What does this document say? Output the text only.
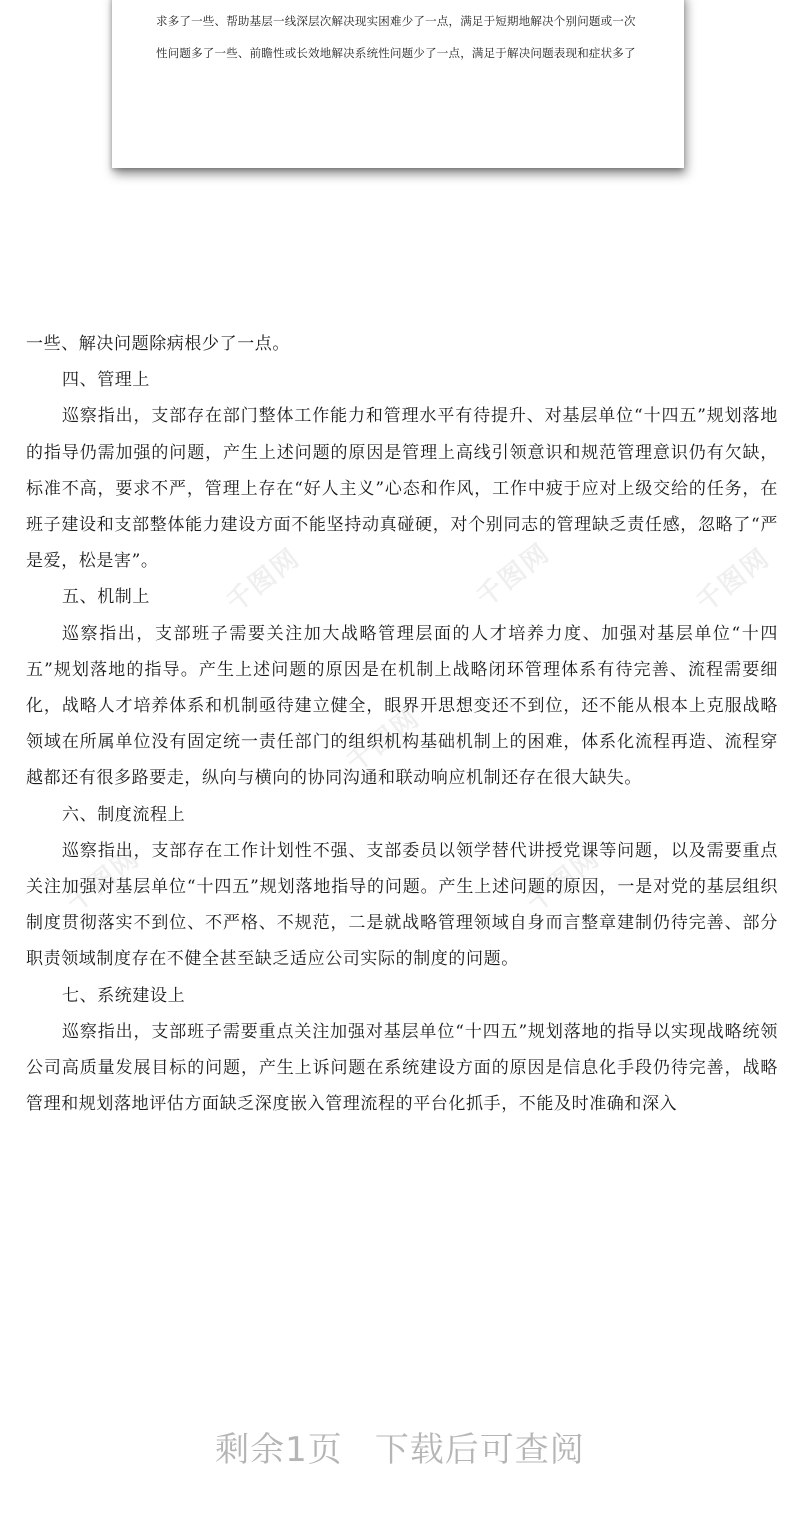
求多了一些、帮助基层一线深层次解决现实困难少了一点，满足于短期地解决个别问题或一次

性问题多了一些、前瞻性或长效地解决系统性问题少了一点，满足于解决问题表现和症状多了

千图网	千图网	千图网
千图网
千图网	千图网

一些、解决问题除病根少了一点。

四、管理上

巡察指出，支部存在部门整体工作能力和管理水平有待提升、对基层单位“十四五”规划落地的指导仍需加强的问题，产生上述问题的原因是管理上高线引领意识和规范管理意识仍有欠缺，标准不高，要求不严，管理上存在“好人主义”心态和作风，工作中疲于应对上级交给的任务，在班子建设和支部整体能力建设方面不能坚持动真碰硬，对个别同志的管理缺乏责任感，忽略了“严是爱，松是害”。

五、机制上

巡察指出，支部班子需要关注加大战略管理层面的人才培养力度、加强对基层单位“十四五”规划落地的指导。产生上述问题的原因是在机制上战略闭环管理体系有待完善、流程需要细化，战略人才培养体系和机制亟待建立健全，眼界开思想变还不到位，还不能从根本上克服战略领域在所属单位没有固定统一责任部门的组织机构基础机制上的困难，体系化流程再造、流程穿越都还有很多路要走，纵向与横向的协同沟通和联动响应机制还存在很大缺失。

六、制度流程上

巡察指出，支部存在工作计划性不强、支部委员以领学替代讲授党课等问题，以及需要重点关注加强对基层单位“十四五”规划落地指导的问题。产生上述问题的原因，一是对党的基层组织制度贯彻落实不到位、不严格、不规范，二是就战略管理领域自身而言整章建制仍待完善、部分职责领域制度存在不健全甚至缺乏适应公司实际的制度的问题。

七、系统建设上

巡察指出，支部班子需要重点关注加强对基层单位“十四五”规划落地的指导以实现战略统领公司高质量发展目标的问题，产生上诉问题在系统建设方面的原因是信息化手段仍待完善，战略管理和规划落地评估方面缺乏深度嵌入管理流程的平台化抓手，不能及时准确和深入

剩余1页 下载后可查阅
